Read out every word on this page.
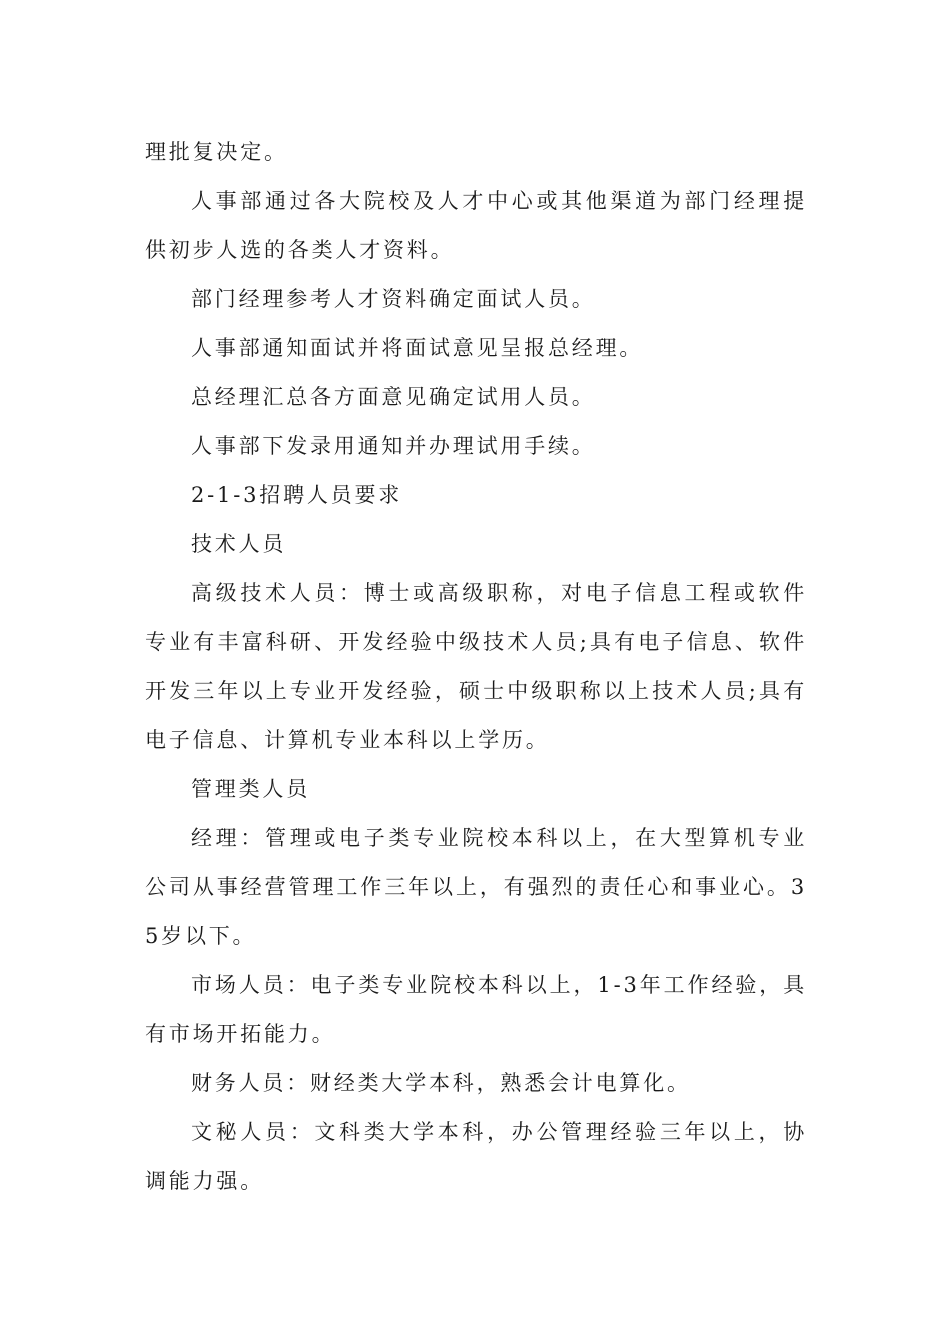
理批复决定。

人事部通过各大院校及人才中心或其他渠道为部门经理提供初步人选的各类人才资料。

部门经理参考人才资料确定面试人员。

人事部通知面试并将面试意见呈报总经理。

总经理汇总各方面意见确定试用人员。

人事部下发录用通知并办理试用手续。

2-1-3招聘人员要求

技术人员

高级技术人员：博士或高级职称，对电子信息工程或软件专业有丰富科研、开发经验中级技术人员;具有电子信息、软件开发三年以上专业开发经验，硕士中级职称以上技术人员;具有电子信息、计算机专业本科以上学历。

管理类人员

经理：管理或电子类专业院校本科以上，在大型算机专业公司从事经营管理工作三年以上，有强烈的责任心和事业心。35岁以下。

市场人员：电子类专业院校本科以上，1-3年工作经验，具有市场开拓能力。

财务人员：财经类大学本科，熟悉会计电算化。

文秘人员：文科类大学本科，办公管理经验三年以上，协调能力强。
